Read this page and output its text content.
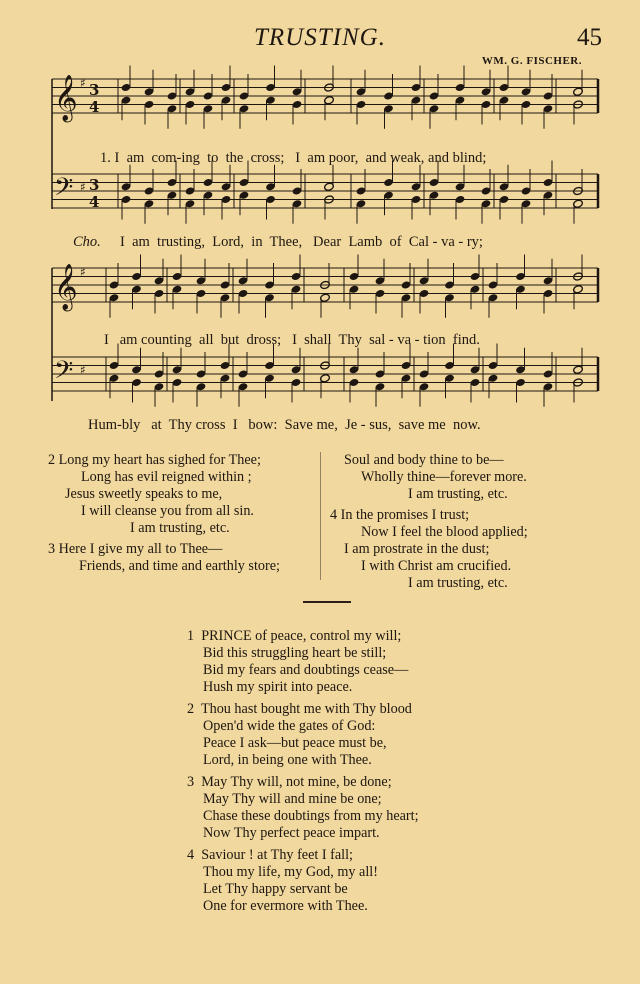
TRUSTING.	45
WM. G. FISCHER.
𝄞 3
4
♯
𝄢 3
4
♯
𝄞 ♯
𝄢 ♯
1. I  am  com-ing  to  the  cross;   I  am poor,  and weak, and blind;
Cho. I  am  trusting,  Lord,  in  Thee,   Dear  Lamb  of  Cal - va - ry;
I   am counting  all  but  dross;   I  shall  Thy  sal - va - tion  find.
Hum-bly   at  Thy cross  I   bow:  Save me,  Je - sus,  save me  now.
2 Long my heart has sighed for Thee;
Long has evil reigned within ;
Jesus sweetly speaks to me,
I will cleanse you from all sin.
I am trusting, etc.
3 Here I give my all to Thee—
Friends, and time and earthly store;
Soul and body thine to be—
Wholly thine—forever more.
I am trusting, etc.
4 In the promises I trust;
Now I feel the blood applied;
I am prostrate in the dust;
I with Christ am crucified.
I am trusting, etc.
1 PRINCE of peace, control my will;
Bid this struggling heart be still;
Bid my fears and doubtings cease—
Hush my spirit into peace.
2 Thou hast bought me with Thy blood
Open'd wide the gates of God:
Peace I ask—but peace must be,
Lord, in being one with Thee.
3 May Thy will, not mine, be done;
May Thy will and mine be one;
Chase these doubtings from my heart;
Now Thy perfect peace impart.
4 Saviour ! at Thy feet I fall;
Thou my life, my God, my all!
Let Thy happy servant be
One for evermore with Thee.
